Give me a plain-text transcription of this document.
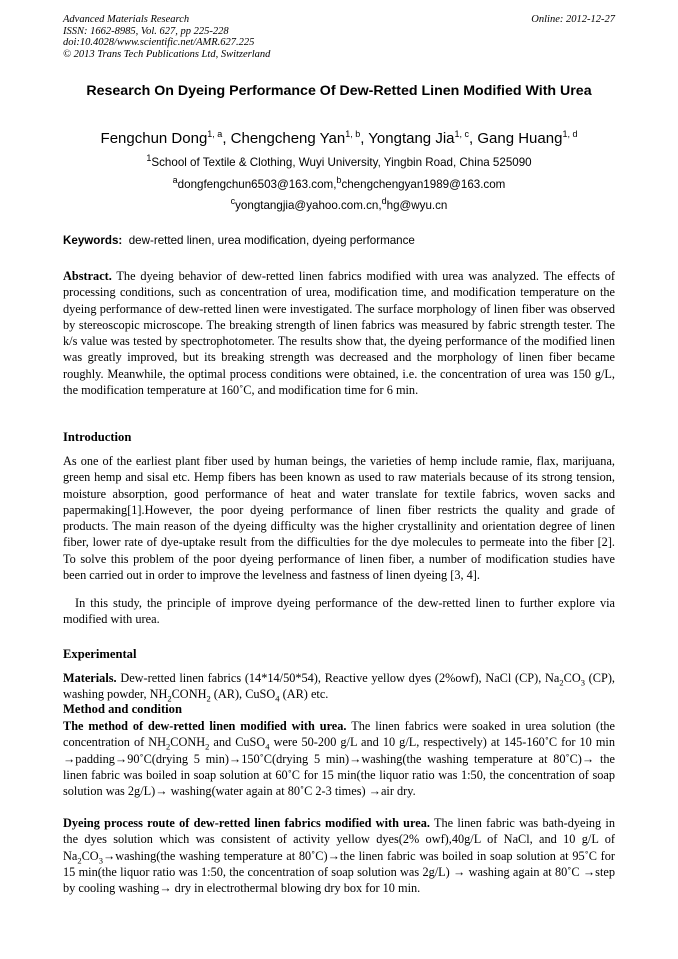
Advanced Materials Research
ISSN: 1662-8985, Vol. 627, pp 225-228
doi:10.4028/www.scientific.net/AMR.627.225
© 2013 Trans Tech Publications Ltd, Switzerland
Online: 2012-12-27
Research On Dyeing Performance Of Dew-Retted Linen Modified With Urea
Fengchun Dong$^{1, a}$, Chengcheng Yan$^{1, b}$, Yongtang Jia$^{1, c}$, Gang Huang$^{1, d}$
$^1$School of Textile & Clothing, Wuyi University, Yingbin Road, China 525090
$^a$dongfengchun6503@163.com,$^b$chengchengyan1989@163.com
$^c$yongtangjia@yahoo.com.cn,$^d$hg@wyu.cn
Keywords: dew-retted linen, urea modification, dyeing performance

Abstract. The dyeing behavior of dew-retted linen fabrics modified with urea was analyzed. The effects of processing conditions, such as concentration of urea, modification time, and modification temperature on the dyeing performance of dew-retted linen were investigated. The surface morphology of linen fiber was observed by stereoscopic microscope. The breaking strength of linen fabrics was measured by fabric strength tester. The k/s value was tested by spectrophotometer. The results show that, the dyeing performance of the modified linen was greatly improved, but its breaking strength was decreased and the morphology of linen fiber became roughly. Meanwhile, the optimal process conditions were obtained, i.e. the concentration of urea was 150 g/L, the modification temperature at 160˚C, and modification time for 6 min.

Introduction

As one of the earliest plant fiber used by human beings, the varieties of hemp include ramie, flax, marijuana, green hemp and sisal etc. Hemp fibers has been known as used to raw materials because of its strong tension, moisture absorption, good performance of heat and water translate for textile fabrics, woven sacks and papermaking[1].However, the poor dyeing performance of linen fiber restricts the quality and grade of products. The main reason of the dyeing difficulty was the higher crystallinity and orientation degree of linen fiber, lower rate of dye-uptake result from the difficulties for the dye molecules to permeate into the fiber [2]. To solve this problem of the poor dyeing performance of linen fiber, a number of modification studies have been carried out in order to improve the levelness and fastness of linen dyeing [3, 4].

In this study, the principle of improve dyeing performance of the dew-retted linen to further explore via modified with urea.

Experimental

Materials. Dew-retted linen fabrics (14*14/50*54), Reactive yellow dyes (2%owf), NaCl (CP), $Na_2CO_3$ (CP), washing powder, $NH_2CONH_2$ (AR), CuSO$_4$ (AR) etc.

Method and condition

The method of dew-retted linen modified with urea. The linen fabrics were soaked in urea solution (the concentration of $NH_2CONH_2$ and CuSO$_4$ were 50-200 g/L and 10 g/L, respectively) at 145-160˚C for 10 min →padding→90˚C(drying 5 min)→150˚C(drying 5 min)→washing(the washing temperature at 80˚C)→ the linen fabric was boiled in soap solution at 60˚C for 15 min(the liquor ratio was 1:50, the concentration of soap solution was 2g/L)→ washing(water again at 80˚C 2-3 times) →air dry.

Dyeing process route of dew-retted linen fabrics modified with urea. The linen fabric was bath-dyeing in the dyes solution which was consistent of activity yellow dyes(2% owf),40g/L of NaCl, and 10 g/L of $Na_2CO_3\to washing(the$ washing temperature at 80˚C)→the linen fabric was boiled in soap solution at 95˚C for 15 min(the liquor ratio was 1:50, the concentration of soap solution was 2g/L) → washing again at 80˚C →step by cooling washing→ dry in electrothermal blowing dry box for 10 min.
